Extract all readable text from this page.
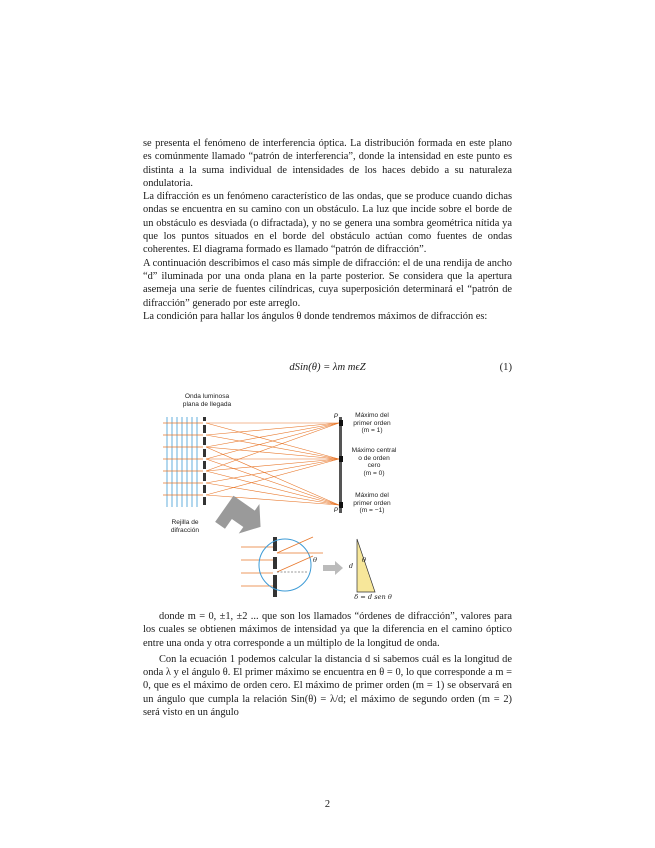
se presenta el fenómeno de interferencia óptica. La distribución formada en este plano es comúnmente llamado “patrón de interferencia”, donde la intensidad en este punto es distinta a la suma individual de intensidades de los haces debido a su naturaleza ondulatoria.

La difracción es un fenómeno característico de las ondas, que se produce cuando dichas ondas se encuentra en su camino con un obstáculo. La luz que incide sobre el borde de un obstáculo es desviada (o difractada), y no se genera una sombra geométrica nítida ya que los puntos situados en el borde del obstáculo actúan como fuentes de ondas coherentes. El diagrama formado es llamado “patrón de difracción”.

A continuación describimos el caso más simple de difracción: el de una rendija de ancho “d” iluminada por una onda plana en la parte posterior. Se considera que la apertura asemeja una serie de fuentes cilíndricas, cuya superposición determinará el “patrón de difracción” generado por este arreglo.

La condición para hallar los ángulos θ donde tendremos máximos de difracción es:

dSin(θ) = λm mϵZ	(1)
Onda luminosa
plana de llegada
Rejilla de
difracción
Máximo del
primer orden
(m = 1)
Máximo central
o de orden
cero
(m = 0)
Máximo del
primer orden
(m = −1)
P
P
θ	θ
d
δ = d sen θ

donde m = 0, ±1, ±2 ... que son los llamados “órdenes de difracción”, valores para los cuales se obtienen máximos de intensidad ya que la diferencia en el camino óptico entre una onda y otra corresponde a un múltiplo de la longitud de onda.

Con la ecuación 1 podemos calcular la distancia d si sabemos cuál es la longitud de onda λ y el ángulo θ. El primer máximo se encuentra en θ = 0, lo que corresponde a m = 0, que es el máximo de orden cero. El máximo de primer orden (m = 1) se observará en un ángulo que cumpla la relación Sin(θ) = λ/d; el máximo de segundo orden (m = 2) será visto en un ángulo

2
